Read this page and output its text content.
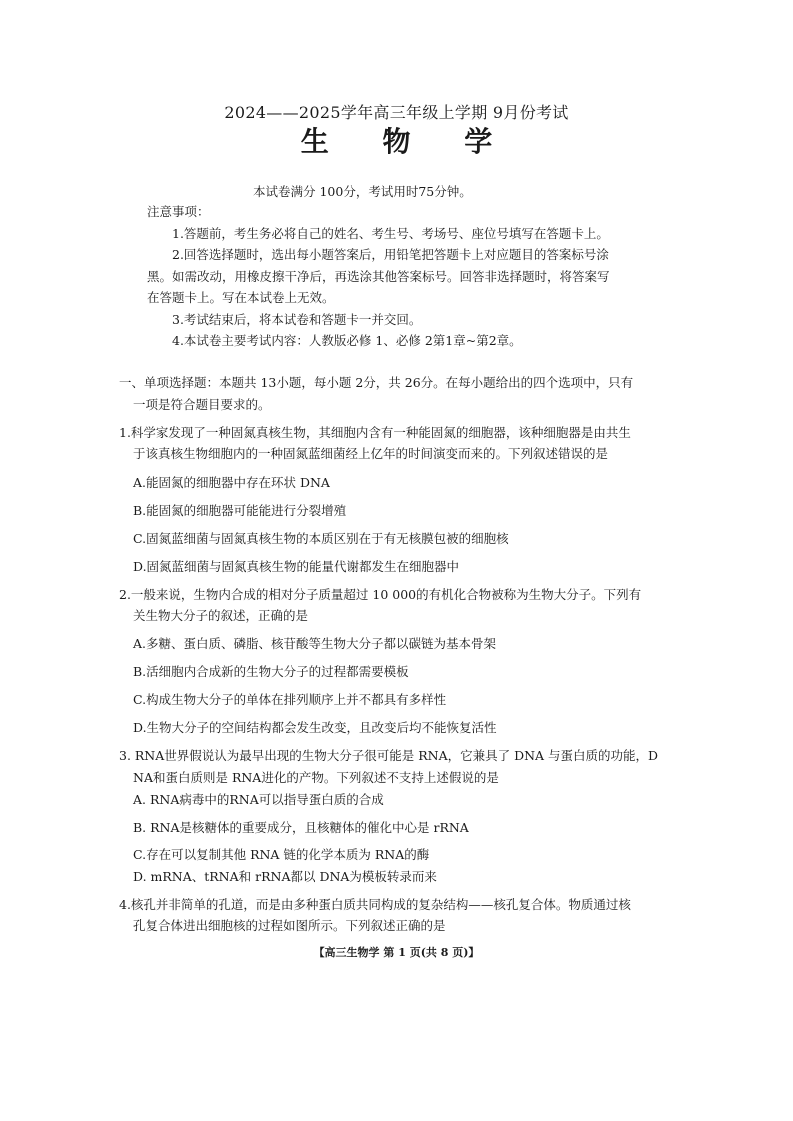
2024——2025学年高三年级上学期 9月份考试
生 物 学
本试卷满分 100分，考试用时75分钟。
注意事项：
1.答题前，考生务必将自己的姓名、考生号、考场号、座位号填写在答题卡上。
2.回答选择题时，选出每小题答案后，用铅笔把答题卡上对应题目的答案标号涂
黑。如需改动，用橡皮擦干净后，再选涂其他答案标号。回答非选择题时，将答案写
在答题卡上。写在本试卷上无效。
3.考试结束后，将本试卷和答题卡一并交回。
4.本试卷主要考试内容：人教版必修 1、必修 2第1章~第2章。
一、单项选择题：本题共 13小题，每小题 2分，共 26分。在每小题给出的四个选项中，只有
一项是符合题目要求的。
1.科学家发现了一种固氮真核生物，其细胞内含有一种能固氮的细胞器，该种细胞器是由共生
于该真核生物细胞内的一种固氮蓝细菌经上亿年的时间演变而来的。下列叙述错误的是
A.能固氮的细胞器中存在环状 DNA
B.能固氮的细胞器可能能进行分裂增殖
C.固氮蓝细菌与固氮真核生物的本质区别在于有无核膜包被的细胞核
D.固氮蓝细菌与固氮真核生物的能量代谢都发生在细胞器中
2.一般来说，生物内合成的相对分子质量超过 10 000的有机化合物被称为生物大分子。下列有
关生物大分子的叙述，正确的是
A.多糖、蛋白质、磷脂、核苷酸等生物大分子都以碳链为基本骨架
B.活细胞内合成新的生物大分子的过程都需要模板
C.构成生物大分子的单体在排列顺序上并不都具有多样性
D.生物大分子的空间结构都会发生改变，且改变后均不能恢复活性
3. RNA世界假说认为最早出现的生物大分子很可能是 RNA，它兼具了 DNA 与蛋白质的功能，D
NA和蛋白质则是 RNA进化的产物。下列叙述不支持上述假说的是
A. RNA病毒中的RNA可以指导蛋白质的合成
B. RNA是核糖体的重要成分，且核糖体的催化中心是 rRNA
C.存在可以复制其他 RNA 链的化学本质为 RNA的酶
D. mRNA、tRNA和 rRNA都以 DNA为模板转录而来
4.核孔并非简单的孔道，而是由多种蛋白质共同构成的复杂结构——核孔复合体。物质通过核
孔复合体进出细胞核的过程如图所示。下列叙述正确的是
【高三生物学 第 1 页(共 8 页)】
